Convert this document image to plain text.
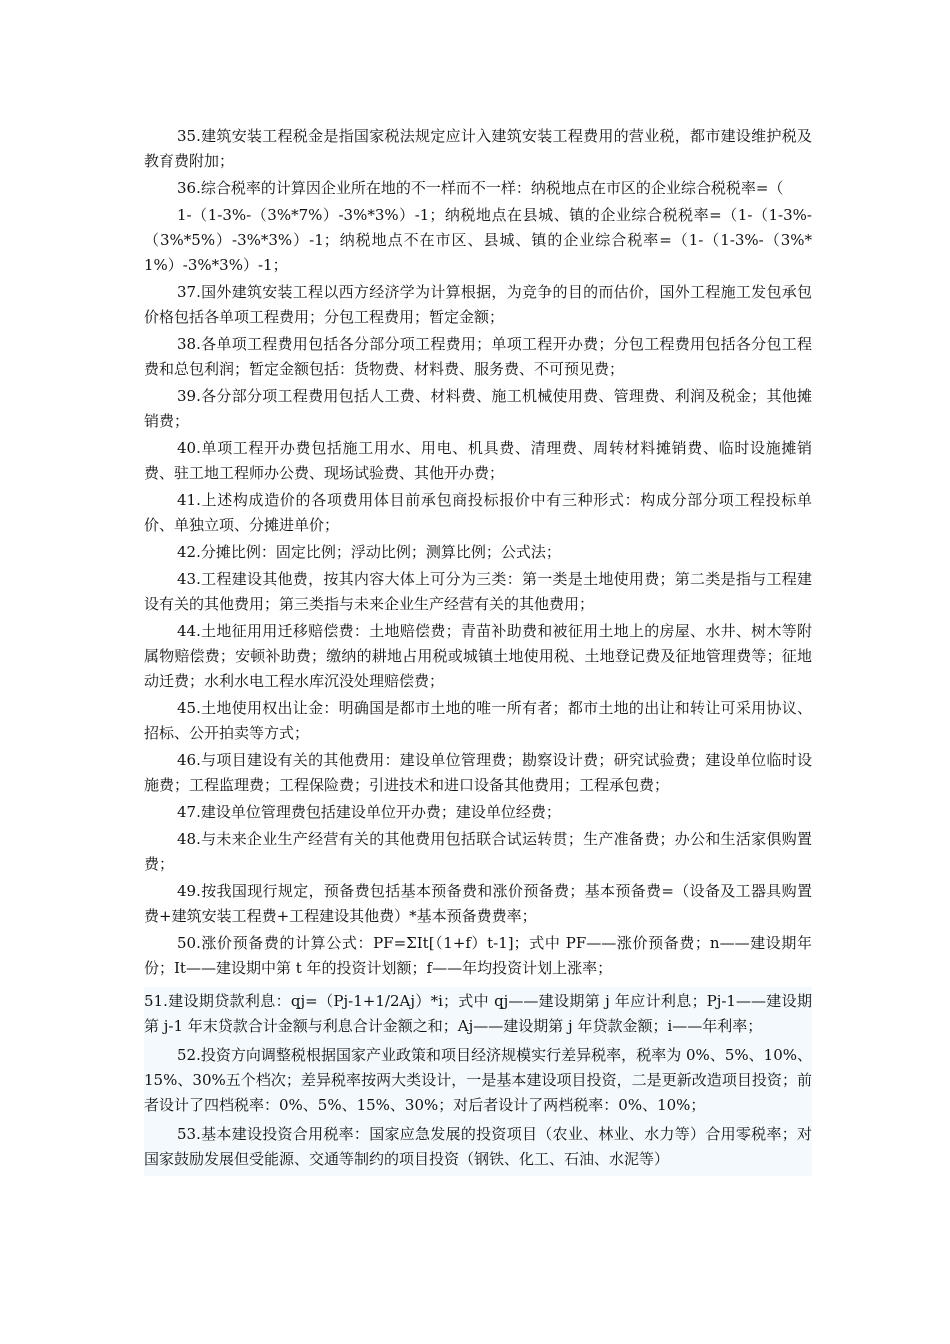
35.建筑安装工程税金是指国家税法规定应计入建筑安装工程费用的营业税，都市建设维护税及教育费附加；

36.综合税率的计算因企业所在地的不一样而不一样：纳税地点在市区的企业综合税税率=（

1-（1-3%-（3%*7%）-3%*3%）-1；纳税地点在县城、镇的企业综合税税率=（1-（1-3%-（3%*5%）-3%*3%）-1；纳税地点不在市区、县城、镇的企业综合税率=（1-（1-3%-（3%*1%）-3%*3%）-1；

37.国外建筑安装工程以西方经济学为计算根据，为竞争的目的而估价，国外工程施工发包承包价格包括各单项工程费用；分包工程费用；暂定金额；

38.各单项工程费用包括各分部分项工程费用；单项工程开办费；分包工程费用包括各分包工程费和总包利润；暂定金额包括：货物费、材料费、服务费、不可预见费；

39.各分部分项工程费用包括人工费、材料费、施工机械使用费、管理费、利润及税金；其他摊销费；

40.单项工程开办费包括施工用水、用电、机具费、清理费、周转材料摊销费、临时设施摊销费、驻工地工程师办公费、现场试验费、其他开办费；

41.上述构成造价的各项费用体目前承包商投标报价中有三种形式：构成分部分项工程投标单价、单独立项、分摊进单价；

42.分摊比例：固定比例；浮动比例；测算比例；公式法；

43.工程建设其他费，按其内容大体上可分为三类：第一类是土地使用费；第二类是指与工程建设有关的其他费用；第三类指与未来企业生产经营有关的其他费用；

44.土地征用用迁移赔偿费：土地赔偿费；青苗补助费和被征用土地上的房屋、水井、树木等附属物赔偿费；安顿补助费；缴纳的耕地占用税或城镇土地使用税、土地登记费及征地管理费等；征地动迁费；水利水电工程水库沉没处理赔偿费；

45.土地使用权出让金：明确国是都市土地的唯一所有者；都市土地的出让和转让可采用协议、招标、公开拍卖等方式；

46.与项目建设有关的其他费用：建设单位管理费；勘察设计费；研究试验费；建设单位临时设施费；工程监理费；工程保险费；引进技术和进口设备其他费用；工程承包费；

47.建设单位管理费包括建设单位开办费；建设单位经费；

48.与未来企业生产经营有关的其他费用包括联合试运转贯；生产准备费；办公和生活家俱购置费；

49.按我国现行规定，预备费包括基本预备费和涨价预备费；基本预备费=（设备及工器具购置费+建筑安装工程费+工程建设其他费）*基本预备费费率；

50.涨价预备费的计算公式：PF=ΣIt[（1+f）t-1]；式中 PF——涨价预备费；n——建设期年份；It——建设期中第 t 年的投资计划额；f——年均投资计划上涨率；

51.建设期贷款利息：qj=（Pj-1+1/2Aj）*i；式中 qj——建设期第 j 年应计利息；Pj-1——建设期第 j-1 年末贷款合计金额与利息合计金额之和；Aj——建设期第 j 年贷款金额；i——年利率；

52.投资方向调整税根据国家产业政策和项目经济规模实行差异税率，税率为 0%、5%、10%、15%、30%五个档次；差异税率按两大类设计，一是基本建设项目投资，二是更新改造项目投资；前者设计了四档税率：0%、5%、15%、30%；对后者设计了两档税率：0%、10%；

53.基本建设投资合用税率：国家应急发展的投资项目（农业、林业、水力等）合用零税率；对国家鼓励发展但受能源、交通等制约的项目投资（钢铁、化工、石油、水泥等）
